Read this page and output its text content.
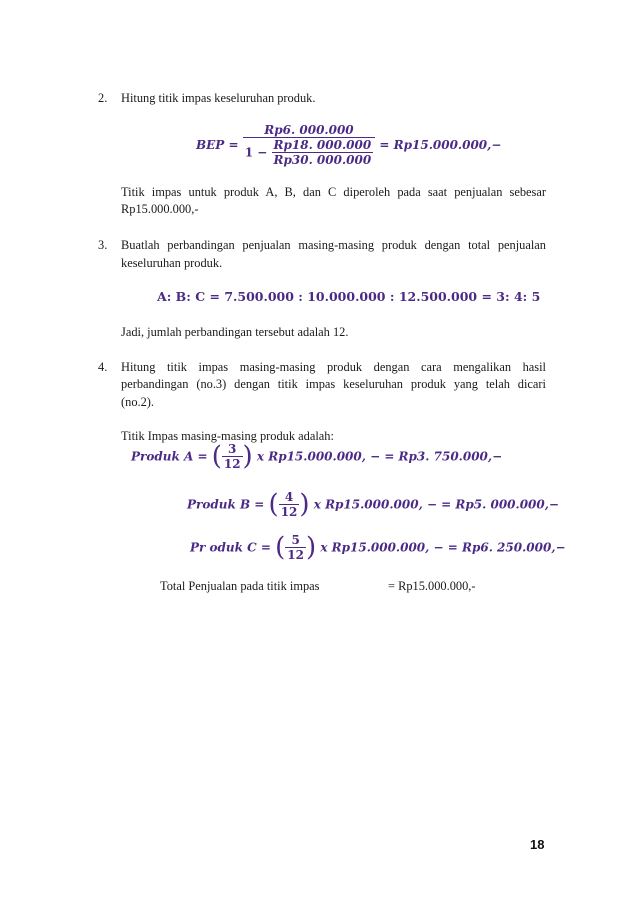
2. Hitung titik impas keseluruhan produk.
BEP = $\frac{Rp6. 000.000}{1 - \frac{Rp18. 000.000}{Rp30. 000.000}} = Rp15.000.000,-$
Titik impas untuk produk A, B, dan C diperoleh pada saat penjualan sebesar
Rp15.000.000,-
3. Buatlah perbandingan penjualan masing-masing produk dengan total penjualan
keseluruhan produk.
A: B: C = 7.500.000 : 10.000.000 : 12.500.000 = 3: 4: 5
Jadi, jumlah perbandingan tersebut adalah 12.
4. Hitung titik impas masing-masing produk dengan cara mengalikan hasil
perbandingan (no.3) dengan titik impas keseluruhan produk yang telah dicari
(no.2).
Titik Impas masing-masing produk adalah:
Produk A = ( $\frac{3}{12}$ ) x Rp15.000.000, − = Rp3. 750.000,−
Produk B = ( $\frac{4}{12}$ ) x Rp15.000.000, − = Rp5. 000.000,−
Pr oduk C = ( $\frac{5}{12}$ ) x Rp15.000.000, − = Rp6. 250.000,−
Total Penjualan pada titik impas	= Rp15.000.000,-
18
